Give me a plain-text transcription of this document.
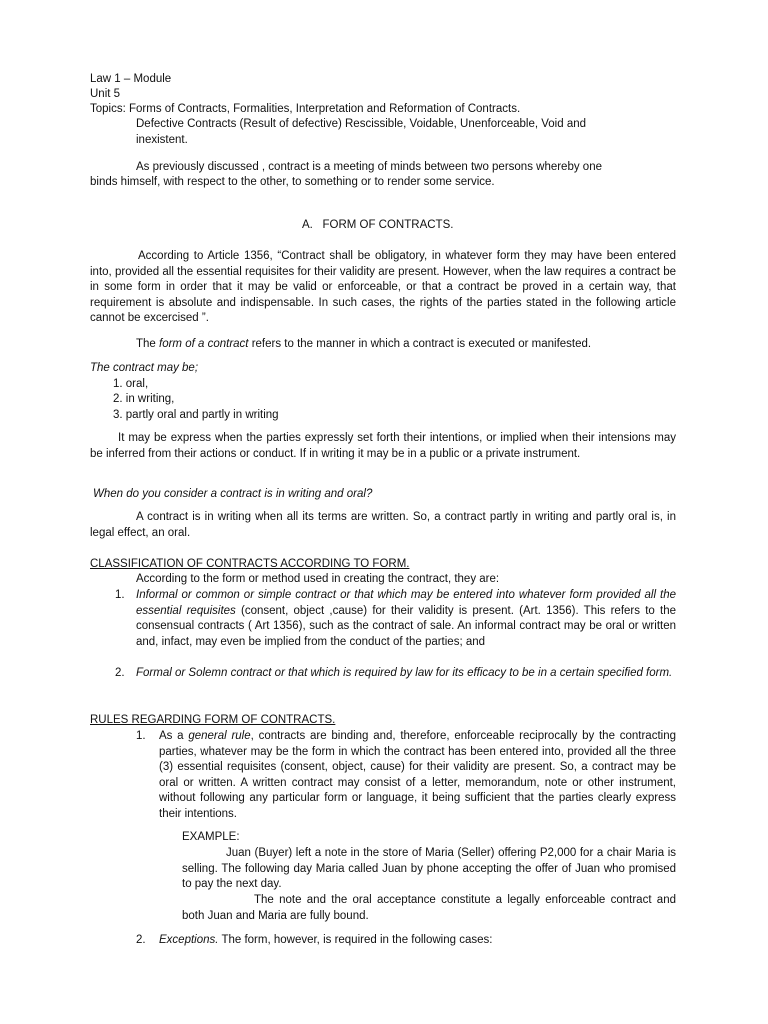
Law 1 – Module
Unit 5
Topics: Forms of Contracts, Formalities, Interpretation and Reformation of Contracts.
Defective Contracts (Result of defective) Rescissible, Voidable, Unenforceable, Void and
inexistent.
As previously discussed , contract is a meeting of minds between two persons whereby one
binds himself, with respect to the other, to something or to render some service.
A. FORM OF CONTRACTS.

According to Article 1356, “Contract shall be obligatory, in whatever form they may have been entered into, provided all the essential requisites for their validity are present. However, when the law requires a contract be in some form in order that it may be valid or enforceable, or that a contract be proved in a certain way, that requirement is absolute and indispensable. In such cases, the rights of the parties stated in the following article cannot be excercised ”.

The form of a contract refers to the manner in which a contract is executed or manifested.
The contract may be;
1. oral,
2. in writing,
3. partly oral and partly in writing

It may be express when the parties expressly set forth their intentions, or implied when their intensions may be inferred from their actions or conduct. If in writing it may be in a public or a private instrument.

When do you consider a contract is in writing and oral?

A contract is in writing when all its terms are written. So, a contract partly in writing and partly oral is, in legal effect, an oral.

CLASSIFICATION OF CONTRACTS ACCORDING TO FORM.
According to the form or method used in creating the contract, they are:
1. Informal or common or simple contract or that which may be entered into whatever form provided all the essential requisites (consent, object ,cause) for their validity is present. (Art. 1356). This refers to the consensual contracts ( Art 1356), such as the contract of sale. An informal contract may be oral or written and, infact, may even be implied from the conduct of the parties; and

2. Formal or Solemn contract or that which is required by law for its efficacy to be in a certain specified form.

RULES REGARDING FORM OF CONTRACTS.
1. As a general rule, contracts are binding and, therefore, enforceable reciprocally by the contracting parties, whatever may be the form in which the contract has been entered into, provided all the three (3) essential requisites (consent, object, cause) for their validity are present. So, a contract may be oral or written. A written contract may consist of a letter, memorandum, note or other instrument, without following any particular form or language, it being sufficient that the parties clearly express their intentions.

EXAMPLE:

Juan (Buyer) left a note in the store of Maria (Seller) offering P2,000 for a chair Maria is selling. The following day Maria called Juan by phone accepting the offer of Juan who promised to pay the next day.

The note and the oral acceptance constitute a legally enforceable contract and both Juan and Maria are fully bound.

2. Exceptions. The form, however, is required in the following cases:
